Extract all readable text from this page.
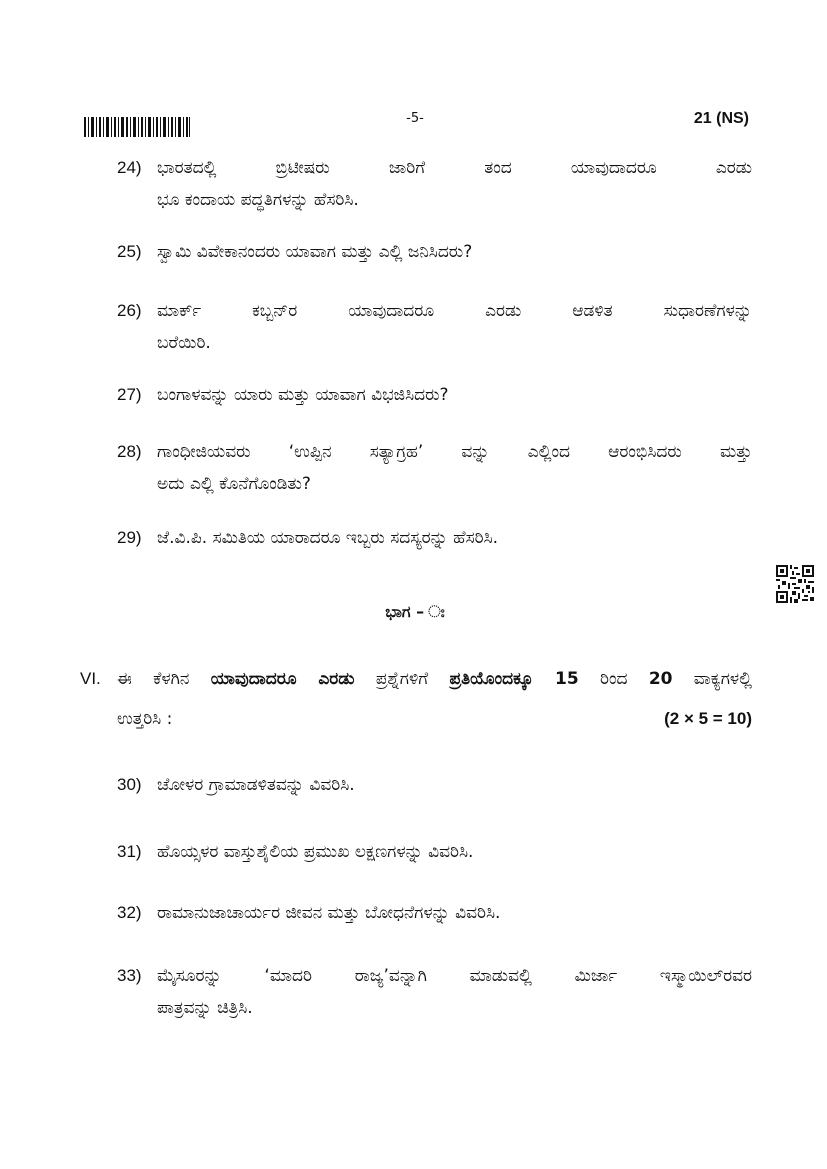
-5-	21 (NS)
24) ಭಾರತದಲ್ಲಿ ಬ್ರಿಟೀಷರು ಜಾರಿಗೆ ತಂದ ಯಾವುದಾದರೂ ಎರಡು
ಭೂ ಕಂದಾಯ ಪದ್ಧತಿಗಳನ್ನು ಹೆಸರಿಸಿ.
25) ಸ್ವಾಮಿ ವಿವೇಕಾನಂದರು ಯಾವಾಗ ಮತ್ತು ಎಲ್ಲಿ ಜನಿಸಿದರು?
26) ಮಾರ್ಕ್ ಕಬ್ಬನ್‌ರ ಯಾವುದಾದರೂ ಎರಡು ಆಡಳಿತ ಸುಧಾರಣೆಗಳನ್ನು
ಬರೆಯಿರಿ.
27) ಬಂಗಾಳವನ್ನು ಯಾರು ಮತ್ತು ಯಾವಾಗ ವಿಭಜಿಸಿದರು?
28) ಗಾಂಧೀಜಿಯವರು ‘ಉಪ್ಪಿನ ಸತ್ಯಾಗ್ರಹ’ ವನ್ನು ಎಲ್ಲಿಂದ ಆರಂಭಿಸಿದರು ಮತ್ತು
ಅದು ಎಲ್ಲಿ ಕೊನೆಗೊಂಡಿತು?
29) ಜೆ.ವಿ.ಪಿ. ಸಮಿತಿಯ ಯಾರಾದರೂ ಇಬ್ಬರು ಸದಸ್ಯರನ್ನು ಹೆಸರಿಸಿ.
ಭಾಗ – ಃ
VI. ಈ ಕೆಳಗಿನ ಯಾವುದಾದರೂ ಎರಡು ಪ್ರಶ್ನೆಗಳಿಗೆ ಪ್ರತಿಯೊಂದಕ್ಕೂ 15 ರಿಂದ 20 ವಾಕ್ಯಗಳಲ್ಲಿ
ಉತ್ತರಿಸಿ :	(2 × 5 = 10)
30) ಚೋಳರ ಗ್ರಾಮಾಡಳಿತವನ್ನು ವಿವರಿಸಿ.
31) ಹೊಯ್ಸಳರ ವಾಸ್ತುಶೈಲಿಯ ಪ್ರಮುಖ ಲಕ್ಷಣಗಳನ್ನು ವಿವರಿಸಿ.
32) ರಾಮಾನುಜಾಚಾರ್ಯರ ಜೀವನ ಮತ್ತು ಬೋಧನೆಗಳನ್ನು ವಿವರಿಸಿ.
33) ಮೈಸೂರನ್ನು ‘ಮಾದರಿ ರಾಜ್ಯ’ವನ್ನಾಗಿ ಮಾಡುವಲ್ಲಿ ಮಿರ್ಜಾ ಇಸ್ಮಾಯಿಲ್‌ರವರ
ಪಾತ್ರವನ್ನು ಚಿತ್ರಿಸಿ.
